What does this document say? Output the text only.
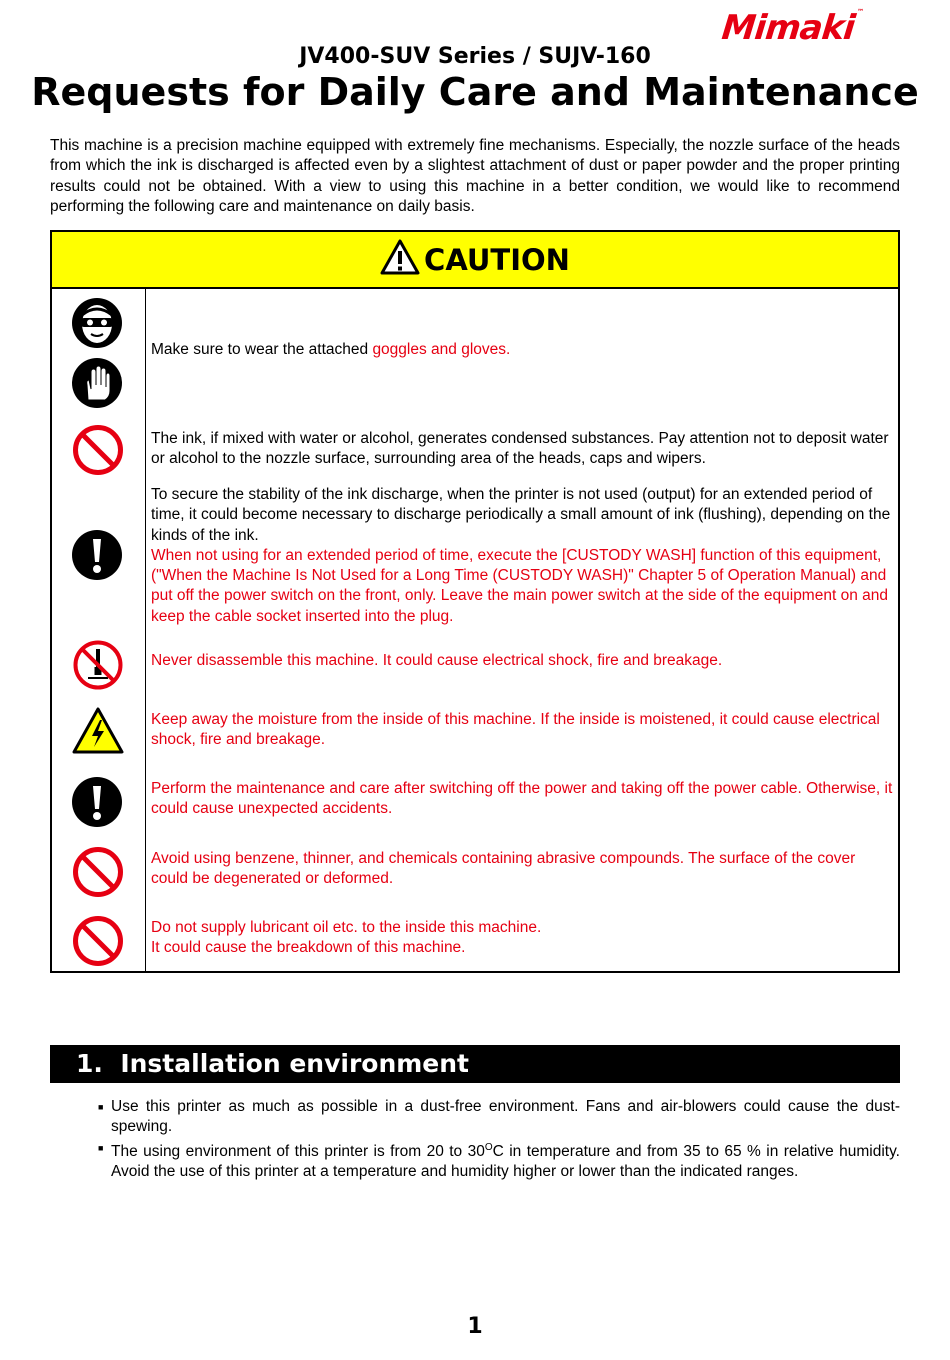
Mimaki™
JV400-SUV Series / SUJV-160
Requests for Daily Care and Maintenance

This machine is a precision machine equipped with extremely fine mechanisms. Especially, the nozzle surface of the heads from which the ink is discharged is affected even by a slightest attachment of dust or paper powder and the proper printing results could not be obtained. With a view to using this machine in a better condition, we would like to recommend performing the following care and maintenance on daily basis.

CAUTION

Make sure to wear the attached goggles and gloves.

The ink, if mixed with water or alcohol, generates condensed substances. Pay attention not to deposit water or alcohol to the nozzle surface, surrounding area of the heads, caps and wipers.

To secure the stability of the ink discharge, when the printer is not used (output) for an extended period of time, it could become necessary to discharge periodically a small amount of ink (flushing), depending on the kinds of the ink.
When not using for an extended period of time, execute the [CUSTODY WASH] function of this equipment, ("When the Machine Is Not Used for a Long Time (CUSTODY WASH)" Chapter 5 of Operation Manual) and put off the power switch on the front, only. Leave the main power switch at the side of the equipment on and keep the cable socket inserted into the plug.

Never disassemble this machine. It could cause electrical shock, fire and breakage.

Keep away the moisture from the inside of this machine. If the inside is moistened, it could cause electrical shock, fire and breakage.

Perform the maintenance and care after switching off the power and taking off the power cable. Otherwise, it could cause unexpected accidents.

Avoid using benzene, thinner, and chemicals containing abrasive compounds. The surface of the cover could be degenerated or deformed.

Do not supply lubricant oil etc. to the inside this machine.
It could cause the breakdown of this machine.
1. Installation environment
■ Use this printer as much as possible in a dust-free environment. Fans and air-blowers could cause the dust-spewing.
■ The using environment of this printer is from 20 to $30^OC$ in temperature and from 35 to 65 % in relative humidity. Avoid the use of this printer at a temperature and humidity higher or lower than the indicated ranges.
1
